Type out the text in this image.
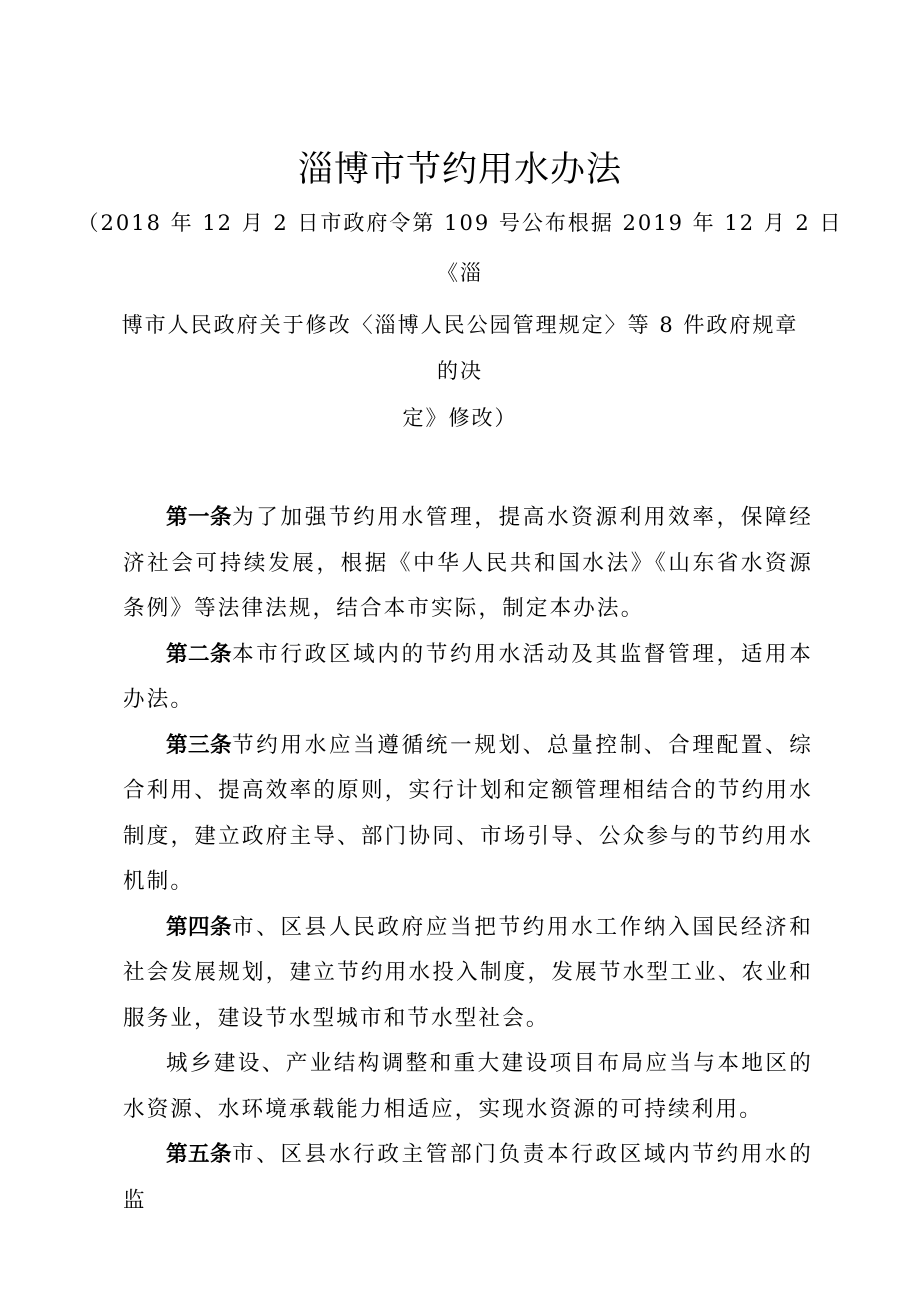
淄博市节约用水办法
（2018 年 12 月 2 日市政府令第 109 号公布根据 2019 年 12 月 2 日
《淄
博市人民政府关于修改〈淄博人民公园管理规定〉等 8 件政府规章
的决
定》修改）

第一条为了加强节约用水管理，提高水资源利用效率，保障经济社会可持续发展，根据《中华人民共和国水法》《山东省水资源条例》等法律法规，结合本市实际，制定本办法。

第二条本市行政区域内的节约用水活动及其监督管理，适用本办法。

第三条节约用水应当遵循统一规划、总量控制、合理配置、综合利用、提高效率的原则，实行计划和定额管理相结合的节约用水制度，建立政府主导、部门协同、市场引导、公众参与的节约用水机制。

第四条市、区县人民政府应当把节约用水工作纳入国民经济和社会发展规划，建立节约用水投入制度，发展节水型工业、农业和服务业，建设节水型城市和节水型社会。

城乡建设、产业结构调整和重大建设项目布局应当与本地区的水资源、水环境承载能力相适应，实现水资源的可持续利用。

第五条市、区县水行政主管部门负责本行政区域内节约用水的监
